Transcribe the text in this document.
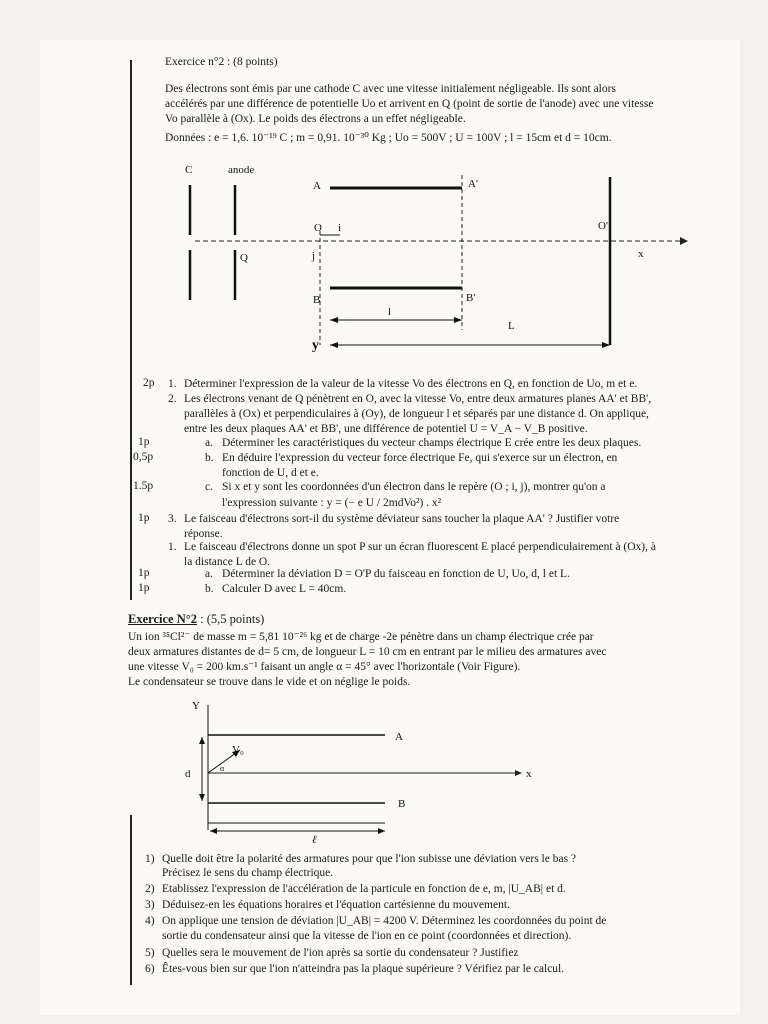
Exercice n°2 : (8 points)
Des électrons sont émis par une cathode C avec une vitesse initialement négligeable. Ils sont alors
accélérés par une différence de potentielle Uo et arrivent en Q (point de sortie de l'anode) avec une vitesse
Vo parallèle à (Ox). Le poids des électrons a un effet négligeable.
Données : e = 1,6. 10⁻¹⁹ C ; m = 0,91. 10⁻³⁰ Kg ; Uo = 500V ; U = 100V ; l = 15cm et d = 10cm.
C	anode
A	A'
O i
j
O'
x
Q
B	B'
l
L
y
2p 1. Déterminer l'expression de la valeur de la vitesse Vo des électrons en Q, en fonction de Uo, m et e.
2. Les électrons venant de Q pénètrent en O, avec la vitesse Vo, entre deux armatures planes AA' et BB',
parallèles à (Ox) et perpendiculaires à (Oy), de longueur l et séparés par une distance d. On applique,
entre les deux plaques AA' et BB', une différence de potentiel U = V_A − V_B positive.
1p	a. Déterminer les caractéristiques du vecteur champs électrique E crée entre les deux plaques.
0,5p	b. En déduire l'expression du vecteur force électrique Fe, qui s'exerce sur un électron, en
fonction de U, d et e.
1.5p	c. Si x et y sont les coordonnées d'un électron dans le repère (O ; i, j), montrer qu'on a
l'expression suivante : y = (− e U / 2mdVo²) . x²
1p 3. Le faisceau d'électrons sort-il du système déviateur sans toucher la plaque AA' ? Justifier votre
réponse.
1. Le faisceau d'électrons donne un spot P sur un écran fluorescent E placé perpendiculairement à (Ox), à
la distance L de O.
1p	a. Déterminer la déviation D = O'P du faisceau en fonction de U, Uo, d, l et L.
1p	b. Calculer D avec L = 40cm.
Exercice N°2 : (5,5 points)
Un ion ³⁵Cl²⁻ de masse m = 5,81 10⁻²⁶ kg et de charge -2e pénètre dans un champ électrique crée par
deux armatures distantes de d= 5 cm, de longueur L = 10 cm en entrant par le milieu des armatures avec
une vitesse V₀ = 200 km.s⁻¹ faisant un angle α = 45° avec l'horizontale (Voir Figure).
Le condensateur se trouve dans le vide et on néglige le poids.
Y
A
V₀
α
d	x
B
ℓ
1) Quelle doit être la polarité des armatures pour que l'ion subisse une déviation vers le bas ?
Précisez le sens du champ électrique.
2) Etablissez l'expression de l'accélération de la particule en fonction de e, m, |U_AB| et d.
3) Déduisez-en les équations horaires et l'équation cartésienne du mouvement.
4) On applique une tension de déviation |U_AB| = 4200 V. Déterminez les coordonnées du point de
sortie du condensateur ainsi que la vitesse de l'ion en ce point (coordonnées et direction).
5) Quelles sera le mouvement de l'ion après sa sortie du condensateur ? Justifiez
6) Êtes-vous bien sur que l'ion n'atteindra pas la plaque supérieure ? Vérifiez par le calcul.
